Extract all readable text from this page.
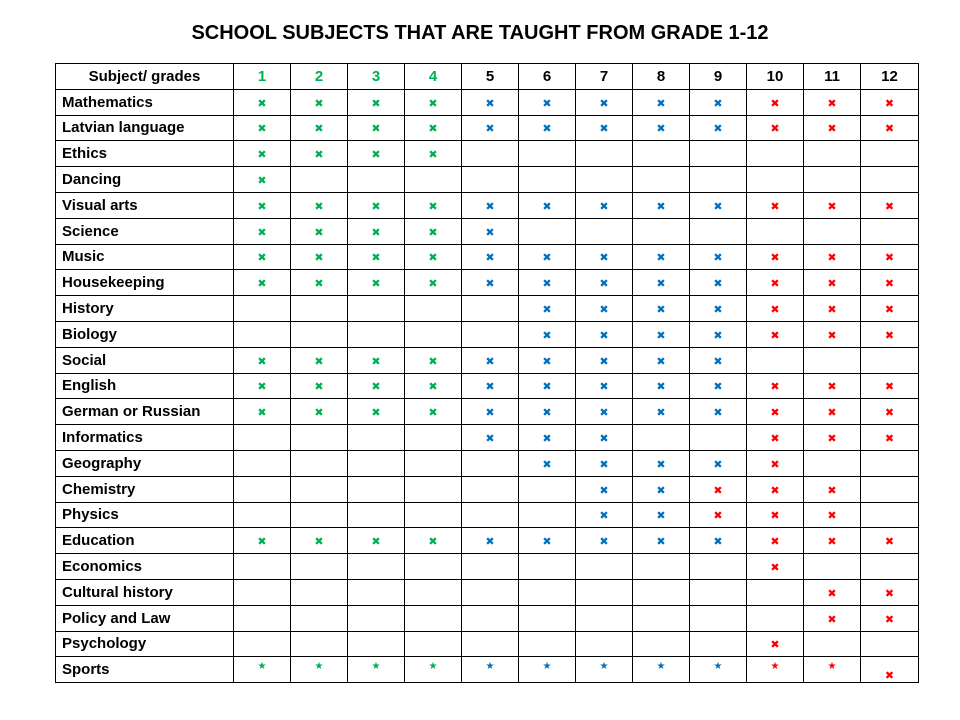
SCHOOL SUBJECTS THAT ARE TAUGHT FROM GRADE 1-12
Subject/ grades	1	2	3	4	5	6	7	8	9	10	11	12
Mathematics	✖	✖	✖	✖	✖	✖	✖	✖	✖	✖	✖	✖
Latvian language	✖	✖	✖	✖	✖	✖	✖	✖	✖	✖	✖	✖
Ethics	✖	✖	✖	✖								
Dancing	✖											
Visual arts	✖	✖	✖	✖	✖	✖	✖	✖	✖	✖	✖	✖
Science	✖	✖	✖	✖	✖							
Music	✖	✖	✖	✖	✖	✖	✖	✖	✖	✖	✖	✖
Housekeeping	✖	✖	✖	✖	✖	✖	✖	✖	✖	✖	✖	✖
History						✖	✖	✖	✖	✖	✖	✖
Biology						✖	✖	✖	✖	✖	✖	✖
Social	✖	✖	✖	✖	✖	✖	✖	✖	✖			
English	✖	✖	✖	✖	✖	✖	✖	✖	✖	✖	✖	✖
German or Russian	✖	✖	✖	✖	✖	✖	✖	✖	✖	✖	✖	✖
Informatics					✖	✖	✖			✖	✖	✖
Geography						✖	✖	✖	✖	✖		
Chemistry							✖	✖	✖	✖	✖	
Physics							✖	✖	✖	✖	✖	
Education	✖	✖	✖	✖	✖	✖	✖	✖	✖	✖	✖	✖
Economics										✖		
Cultural history											✖	✖
Policy and Law											✖	✖
Psychology										✖		
Sports	★	★	★	★	★	★	★	★	★	★	★	$_✖$
